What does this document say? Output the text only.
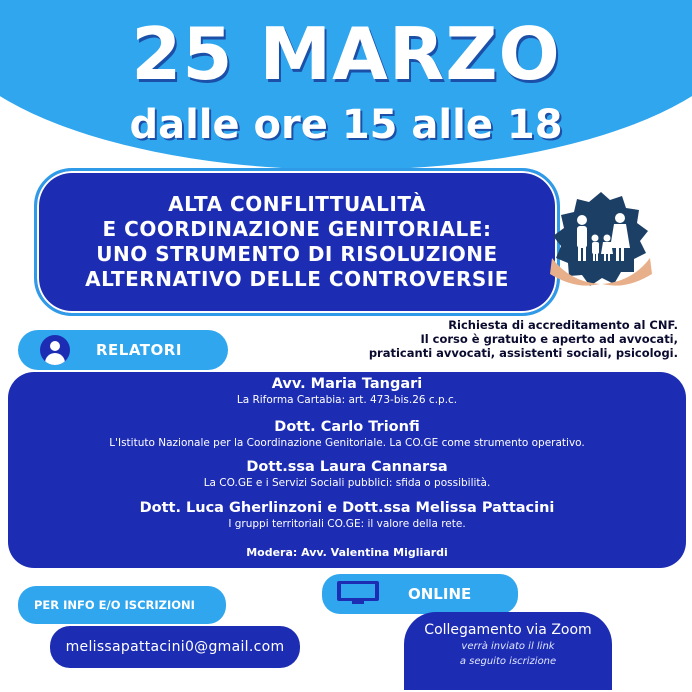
25 MARZO
dalle ore 15 alle 18
ALTA CONFLITTUALITÀ
E COORDINAZIONE GENITORIALE:
UNO STRUMENTO DI RISOLUZIONE
ALTERNATIVO DELLE CONTROVERSIE
Richiesta di accreditamento al CNF.
Il corso è gratuito e aperto ad avvocati,
praticanti avvocati, assistenti sociali, psicologi.
RELATORI
Avv. Maria Tangari
La Riforma Cartabia: art. 473-bis.26 c.p.c.
Dott. Carlo Trionfi
L'Istituto Nazionale per la Coordinazione Genitoriale. La CO.GE come strumento operativo.
Dott.ssa Laura Cannarsa
La CO.GE e i Servizi Sociali pubblici: sfida o possibilità.
Dott. Luca Gherlinzoni e Dott.ssa Melissa Pattacini
I gruppi territoriali CO.GE: il valore della rete.
Modera: Avv. Valentina Migliardi
PER INFO E/O ISCRIZIONI
melissapattacini0@gmail.com
ONLINE
Collegamento via Zoom
verrà inviato il link
a seguito iscrizione
